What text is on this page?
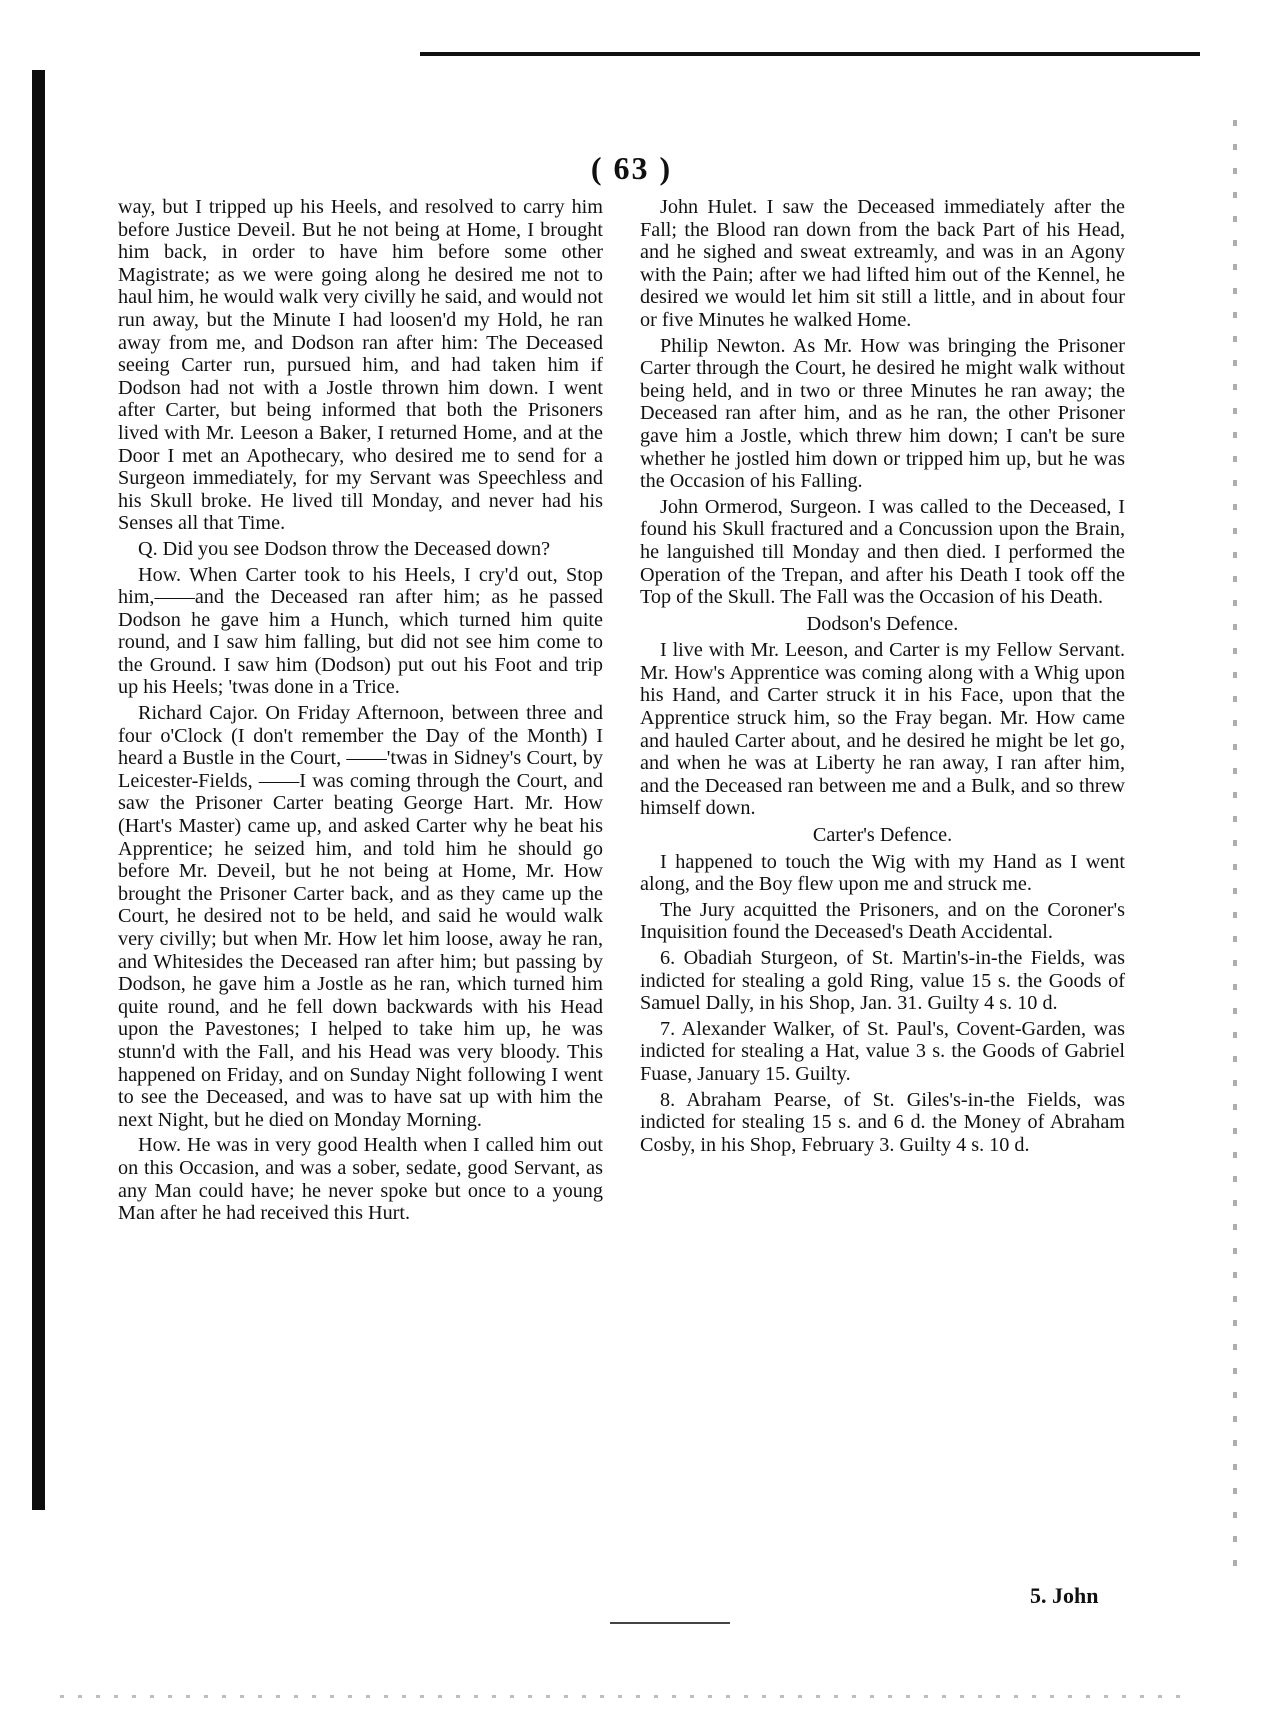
( 63 )

way, but I tripped up his Heels, and resolved to carry him before Justice Deveil. But he not being at Home, I brought him back, in order to have him before some other Magistrate; as we were going along he desired me not to haul him, he would walk very civilly he said, and would not run away, but the Minute I had loosen'd my Hold, he ran away from me, and Dodson ran after him: The Deceased seeing Carter run, pursued him, and had taken him if Dodson had not with a Jostle thrown him down. I went after Carter, but being informed that both the Prisoners lived with Mr. Leeson a Baker, I returned Home, and at the Door I met an Apothecary, who desired me to send for a Surgeon immediately, for my Servant was Speechless and his Skull broke. He lived till Monday, and never had his Senses all that Time.

Q. Did you see Dodson throw the Deceased down?

How. When Carter took to his Heels, I cry'd out, Stop him,——and the Deceased ran after him; as he passed Dodson he gave him a Hunch, which turned him quite round, and I saw him falling, but did not see him come to the Ground. I saw him (Dodson) put out his Foot and trip up his Heels; 'twas done in a Trice.

Richard Cajor. On Friday Afternoon, between three and four o'Clock (I don't remember the Day of the Month) I heard a Bustle in the Court, ——'twas in Sidney's Court, by Leicester-Fields, ——I was coming through the Court, and saw the Prisoner Carter beating George Hart. Mr. How (Hart's Master) came up, and asked Carter why he beat his Apprentice; he seized him, and told him he should go before Mr. Deveil, but he not being at Home, Mr. How brought the Prisoner Carter back, and as they came up the Court, he desired not to be held, and said he would walk very civilly; but when Mr. How let him loose, away he ran, and Whitesides the Deceased ran after him; but passing by Dodson, he gave him a Jostle as he ran, which turned him quite round, and he fell down backwards with his Head upon the Pavestones; I helped to take him up, he was stunn'd with the Fall, and his Head was very bloody. This happened on Friday, and on Sunday Night following I went to see the Deceased, and was to have sat up with him the next Night, but he died on Monday Morning.

How. He was in very good Health when I called him out on this Occasion, and was a sober, sedate, good Servant, as any Man could have; he never spoke but once to a young Man after he had received this Hurt.

John Hulet. I saw the Deceased immediately after the Fall; the Blood ran down from the back Part of his Head, and he sighed and sweat extreamly, and was in an Agony with the Pain; after we had lifted him out of the Kennel, he desired we would let him sit still a little, and in about four or five Minutes he walked Home.

Philip Newton. As Mr. How was bringing the Prisoner Carter through the Court, he desired he might walk without being held, and in two or three Minutes he ran away; the Deceased ran after him, and as he ran, the other Prisoner gave him a Jostle, which threw him down; I can't be sure whether he jostled him down or tripped him up, but he was the Occasion of his Falling.

John Ormerod, Surgeon. I was called to the Deceased, I found his Skull fractured and a Concussion upon the Brain, he languished till Monday and then died. I performed the Operation of the Trepan, and after his Death I took off the Top of the Skull. The Fall was the Occasion of his Death.

Dodson's Defence.

I live with Mr. Leeson, and Carter is my Fellow Servant. Mr. How's Apprentice was coming along with a Whig upon his Hand, and Carter struck it in his Face, upon that the Apprentice struck him, so the Fray began. Mr. How came and hauled Carter about, and he desired he might be let go, and when he was at Liberty he ran away, I ran after him, and the Deceased ran between me and a Bulk, and so threw himself down.

Carter's Defence.

I happened to touch the Wig with my Hand as I went along, and the Boy flew upon me and struck me.

The Jury acquitted the Prisoners, and on the Coroner's Inquisition found the Deceased's Death Accidental.

6. Obadiah Sturgeon, of St. Martin's-in-the Fields, was indicted for stealing a gold Ring, value 15 s. the Goods of Samuel Dally, in his Shop, Jan. 31. Guilty 4 s. 10 d.

7. Alexander Walker, of St. Paul's, Covent-Garden, was indicted for stealing a Hat, value 3 s. the Goods of Gabriel Fuase, January 15. Guilty.

8. Abraham Pearse, of St. Giles's-in-the Fields, was indicted for stealing 15 s. and 6 d. the Money of Abraham Cosby, in his Shop, February 3. Guilty 4 s. 10 d.

5. John
